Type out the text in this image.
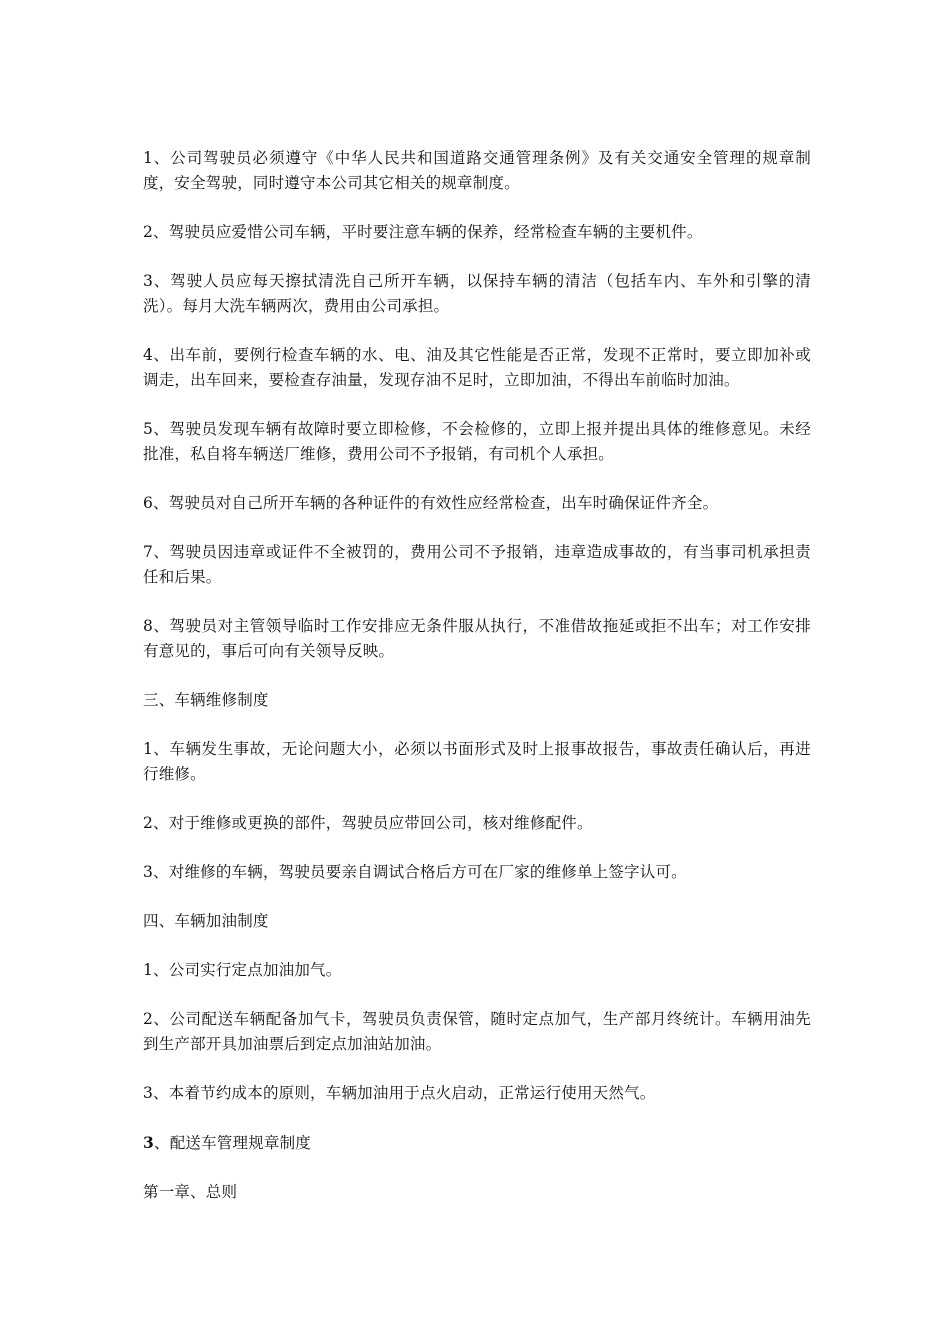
1、公司驾驶员必须遵守《中华人民共和国道路交通管理条例》及有关交通安全管理的规章制度，安全驾驶，同时遵守本公司其它相关的规章制度。

2、驾驶员应爱惜公司车辆，平时要注意车辆的保养，经常检查车辆的主要机件。

3、驾驶人员应每天擦拭清洗自己所开车辆，以保持车辆的清洁（包括车内、车外和引擎的清洗）。每月大洗车辆两次，费用由公司承担。

4、出车前，要例行检查车辆的水、电、油及其它性能是否正常，发现不正常时，要立即加补或调走，出车回来，要检查存油量，发现存油不足时，立即加油，不得出车前临时加油。

5、驾驶员发现车辆有故障时要立即检修，不会检修的，立即上报并提出具体的维修意见。未经批准，私自将车辆送厂维修，费用公司不予报销，有司机个人承担。

6、驾驶员对自己所开车辆的各种证件的有效性应经常检查，出车时确保证件齐全。

7、驾驶员因违章或证件不全被罚的，费用公司不予报销，违章造成事故的，有当事司机承担责任和后果。

8、驾驶员对主管领导临时工作安排应无条件服从执行，不准借故拖延或拒不出车；对工作安排有意见的，事后可向有关领导反映。

三、车辆维修制度

1、车辆发生事故，无论问题大小，必须以书面形式及时上报事故报告，事故责任确认后，再进行维修。

2、对于维修或更换的部件，驾驶员应带回公司，核对维修配件。

3、对维修的车辆，驾驶员要亲自调试合格后方可在厂家的维修单上签字认可。

四、车辆加油制度

1、公司实行定点加油加气。

2、公司配送车辆配备加气卡，驾驶员负责保管，随时定点加气，生产部月终统计。车辆用油先到生产部开具加油票后到定点加油站加油。

3、本着节约成本的原则，车辆加油用于点火启动，正常运行使用天然气。

3、配送车管理规章制度

第一章、总则
